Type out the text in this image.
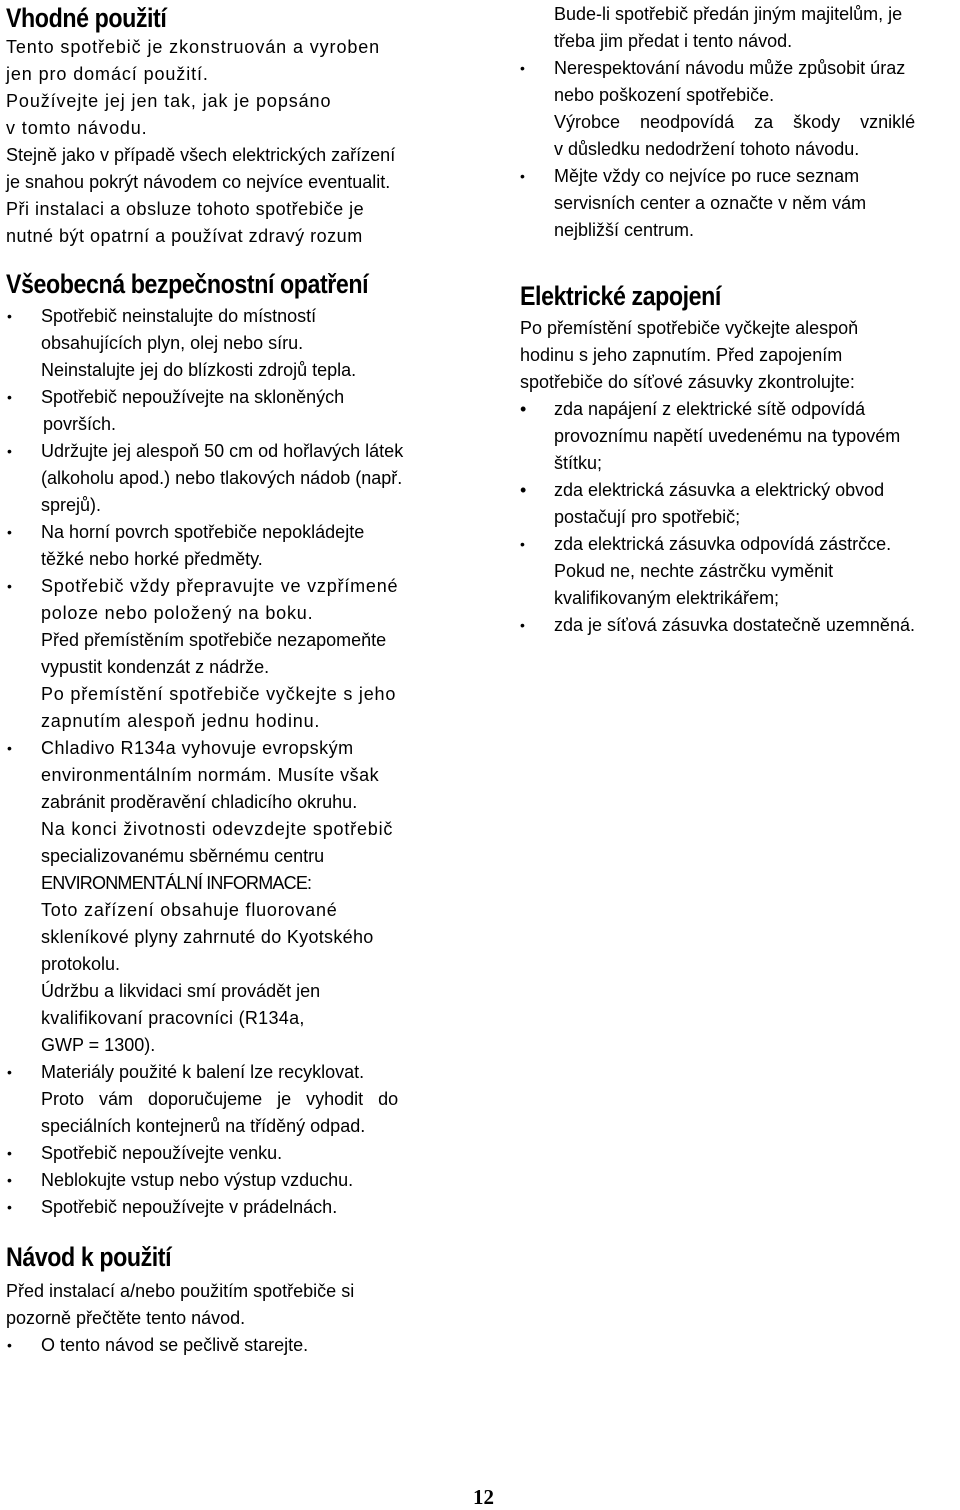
Vhodné použití

Tento spotřebič je zkonstruován a vyroben

jen pro domácí použití.

Používejte jej jen tak, jak je popsáno

v tomto návodu.

Stejně jako v případě všech elektrických zařízení

je snahou pokrýt návodem co nejvíce eventualit.

Při instalaci a obsluze tohoto spotřebiče je

nutné být opatrní a používat zdravý rozum

Všeobecná bezpečnostní opatření
• Spotřebič neinstalujte do místností
obsahujících plyn, olej nebo síru.
Neinstalujte jej do blízkosti zdrojů tepla.
• Spotřebič nepoužívejte na skloněných
površích.
• Udržujte jej alespoň 50 cm od hořlavých látek
(alkoholu apod.) nebo tlakových nádob (např.
sprejů).
• Na horní povrch spotřebiče nepokládejte
těžké nebo horké předměty.
• Spotřebič vždy přepravujte ve vzpřímené
poloze nebo položený na boku.
Před přemístěním spotřebiče nezapomeňte
vypustit kondenzát z nádrže.
Po přemístění spotřebiče vyčkejte s jeho
zapnutím alespoň jednu hodinu.
• Chladivo R134a vyhovuje evropským
environmentálním normám. Musíte však
zabránit proděravění chladicího okruhu.
Na konci životnosti odevzdejte spotřebič
specializovanému sběrnému centru
ENVIRONMENTÁLNÍ INFORMACE:
Toto zařízení obsahuje fluorované
skleníkové plyny zahrnuté do Kyotského
protokolu.
Údržbu a likvidaci smí provádět jen
kvalifikovaní pracovníci (R134a,
GWP = 1300).
• Materiály použité k balení lze recyklovat.
Proto vám doporučujeme je vyhodit do
speciálních kontejnerů na tříděný odpad.
• Spotřebič nepoužívejte venku.
• Neblokujte vstup nebo výstup vzduchu.
• Spotřebič nepoužívejte v prádelnách.
Návod k použití

Před instalací a/nebo použitím spotřebiče si

pozorně přečtěte tento návod.

• O tento návod se pečlivě starejte.
Bude-li spotřebič předán jiným majitelům, je
třeba jim předat i tento návod.
• Nerespektování návodu může způsobit úraz
nebo poškození spotřebiče.
Výrobce neodpovídá za škody vzniklé
v důsledku nedodržení tohoto návodu.
• Mějte vždy co nejvíce po ruce seznam
servisních center a označte v něm vám
nejbližší centrum.
Elektrické zapojení

Po přemístění spotřebiče vyčkejte alespoň

hodinu s jeho zapnutím. Před zapojením

spotřebiče do síťové zásuvky zkontrolujte:

• zda napájení z elektrické sítě odpovídá
provoznímu napětí uvedenému na typovém
štítku;
• zda elektrická zásuvka a elektrický obvod
postačují pro spotřebič;
• zda elektrická zásuvka odpovídá zástrčce.
Pokud ne, nechte zástrčku vyměnit
kvalifikovaným elektrikářem;
• zda je síťová zásuvka dostatečně uzemněná.
12
